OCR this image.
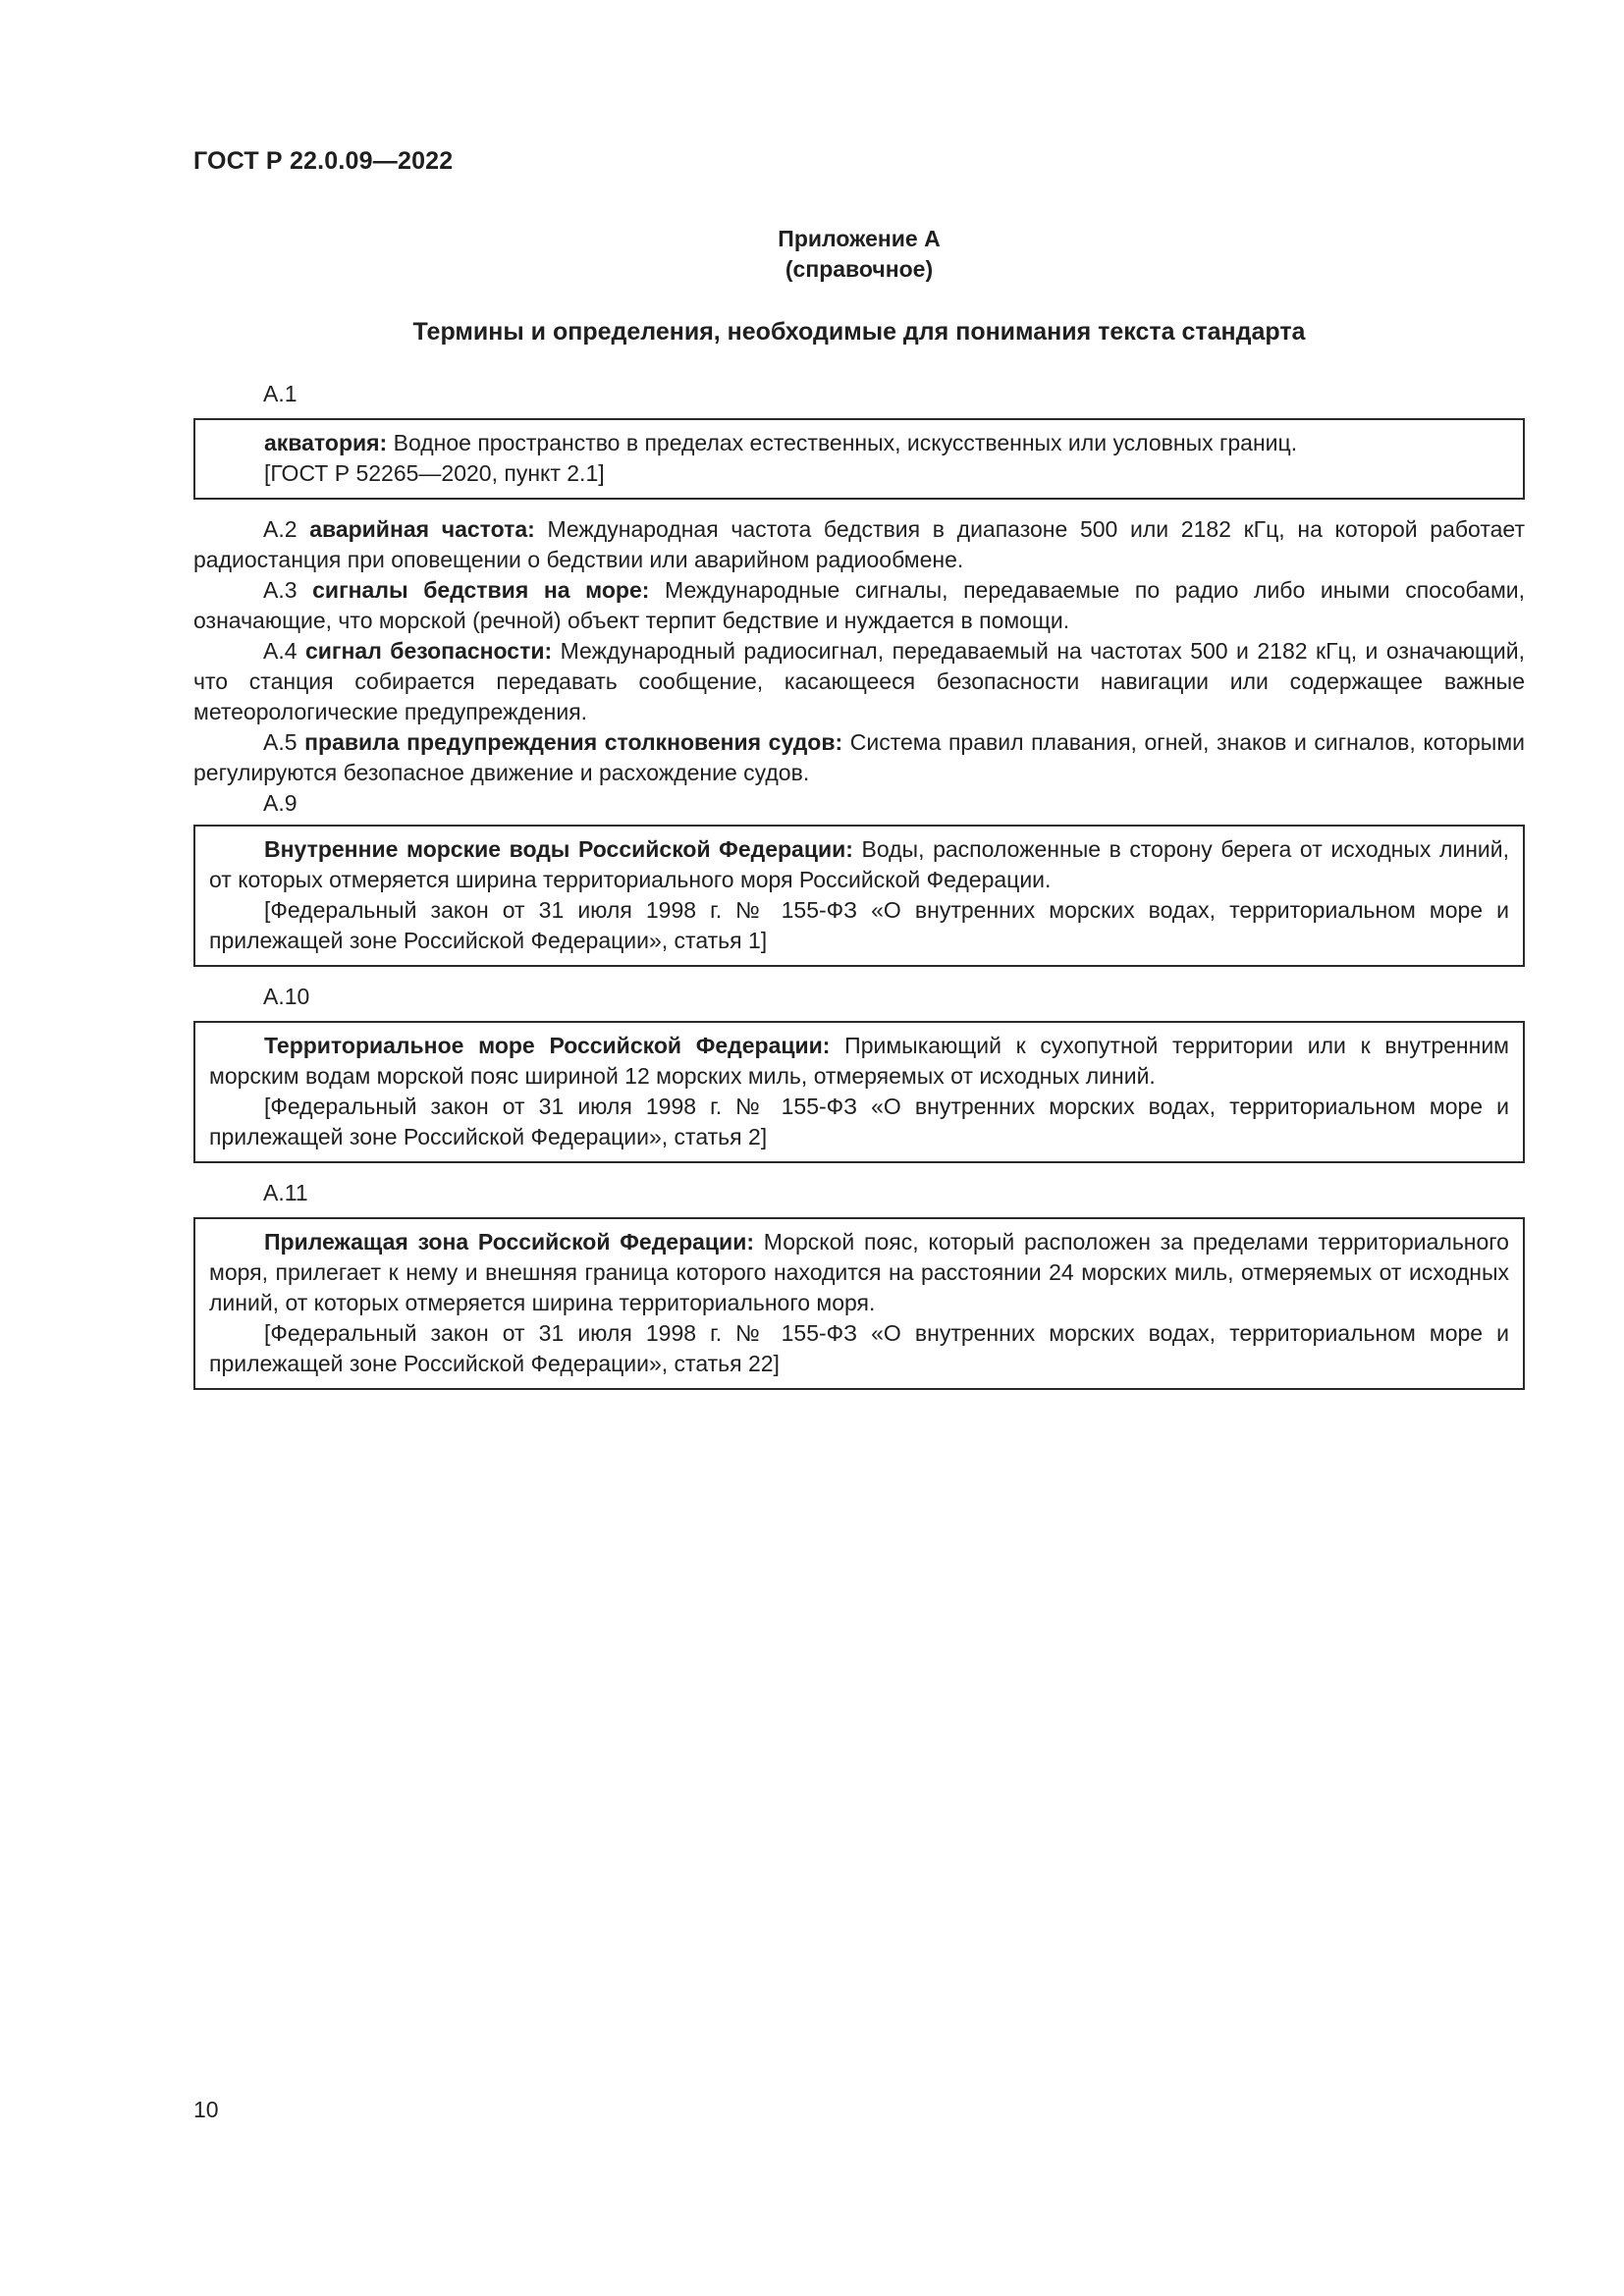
ГОСТ Р 22.0.09—2022
Приложение А
(справочное)
Термины и определения, необходимые для понимания текста стандарта
А.1
акватория: Водное пространство в пределах естественных, искусственных или условных границ.
[ГОСТ Р 52265—2020, пункт 2.1]
А.2 аварийная частота: Международная частота бедствия в диапазоне 500 или 2182 кГц, на которой работает радиостанция при оповещении о бедствии или аварийном радиообмене.
А.3 сигналы бедствия на море: Международные сигналы, передаваемые по радио либо иными способами, означающие, что морской (речной) объект терпит бедствие и нуждается в помощи.
А.4 сигнал безопасности: Международный радиосигнал, передаваемый на частотах 500 и 2182 кГц, и означающий, что станция собирается передавать сообщение, касающееся безопасности навигации или содержащее важные метеорологические предупреждения.
А.5 правила предупреждения столкновения судов: Система правил плавания, огней, знаков и сигналов, которыми регулируются безопасное движение и расхождение судов.
А.9
Внутренние морские воды Российской Федерации: Воды, расположенные в сторону берега от исходных линий, от которых отмеряется ширина территориального моря Российской Федерации.
[Федеральный закон от 31 июля 1998 г. № 155-ФЗ «О внутренних морских водах, территориальном море и прилежащей зоне Российской Федерации», статья 1]
А.10
Территориальное море Российской Федерации: Примыкающий к сухопутной территории или к внутренним морским водам морской пояс шириной 12 морских миль, отмеряемых от исходных линий.
[Федеральный закон от 31 июля 1998 г. № 155-ФЗ «О внутренних морских водах, территориальном море и прилежащей зоне Российской Федерации», статья 2]
А.11
Прилежащая зона Российской Федерации: Морской пояс, который расположен за пределами территориального моря, прилегает к нему и внешняя граница которого находится на расстоянии 24 морских миль, отмеряемых от исходных линий, от которых отмеряется ширина территориального моря.
[Федеральный закон от 31 июля 1998 г. № 155-ФЗ «О внутренних морских водах, территориальном море и прилежащей зоне Российской Федерации», статья 22]
10
